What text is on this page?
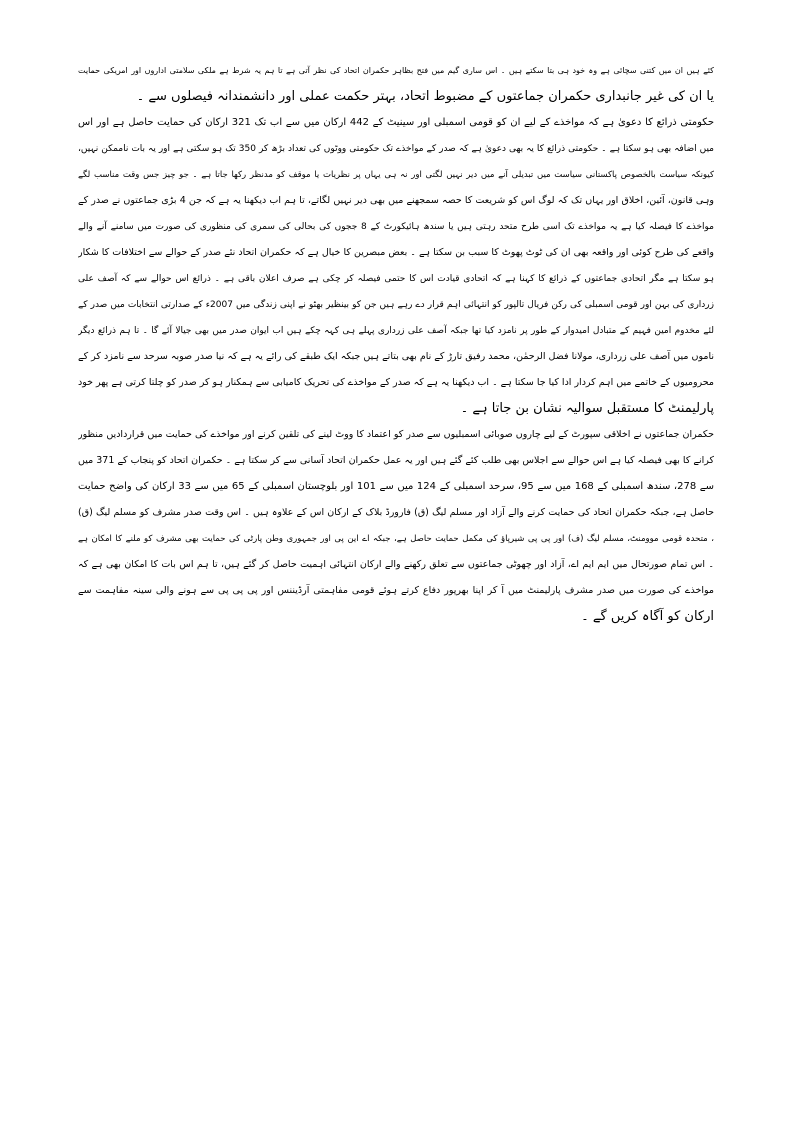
کئے ہیں ان میں کتنی سچائی ہے وہ خود ہی بتا سکتے ہیں ۔ اس ساری گیم میں فتح بظاہر حکمران اتحاد کی نظر آتی ہے تا ہم یہ شرط ہے ملکی سلامتی اداروں اور امریکی حمایت
یا ان کی غیر جانبداری حکمران جماعتوں کے مضبوط اتحاد، بہتر حکمت عملی اور دانشمندانہ فیصلوں سے ۔
حکومتی ذرائع کا دعویٰ ہے کہ مواخذے کے لیے ان کو قومی اسمبلی اور سینیٹ کے 442 ارکان میں سے اب تک 321 ارکان کی حمایت حاصل ہے اور اس
میں اضافہ بھی ہو سکتا ہے ۔ حکومتی ذرائع کا یہ بھی دعویٰ ہے کہ صدر کے مواخذے تک حکومتی ووٹوں کی تعداد بڑھ کر 350 تک ہو سکتی ہے اور یہ بات ناممکن نہیں،
کیونکہ سیاست بالخصوص پاکستانی سیاست میں تبدیلی آنے میں دیر نہیں لگتی اور نہ ہی یہاں پر نظریات یا موقف کو مدنظر رکھا جاتا ہے ۔ جو چیز جس وقت مناسب لگے
وہی قانون، آئین، اخلاق اور یہاں تک کہ لوگ اس کو شریعت کا حصہ سمجھنے میں بھی دیر نہیں لگاتے، تا ہم اب دیکھنا یہ ہے کہ جن 4 بڑی جماعتوں نے صدر کے
مواخذے کا فیصلہ کیا ہے یہ مواخذے تک اسی طرح متحد رہتی ہیں یا سندھ ہائیکورٹ کے 8 ججوں کی بحالی کی سمری کی منظوری کی صورت میں سامنے آنے والے
واقعے کی طرح کوئی اور واقعہ بھی ان کی ٹوٹ پھوٹ کا سبب بن سکتا ہے ۔ بعض مبصرین کا خیال ہے کہ حکمران اتحاد نئے صدر کے حوالے سے اختلافات کا شکار
ہو سکتا ہے مگر اتحادی جماعتوں کے ذرائع کا کہنا ہے کہ اتحادی قیادت اس کا حتمی فیصلہ کر چکی ہے صرف اعلان باقی ہے ۔ ذرائع اس حوالے سے کہ آصف علی
زرداری کی بہن اور قومی اسمبلی کی رکن فریال تالپور کو انتہائی اہم قرار دے رہے ہیں جن کو بینظیر بھٹو نے اپنی زندگی میں 2007ء کے صدارتی انتخابات میں صدر کے
لئے مخدوم امین فہیم کے متبادل امیدوار کے طور پر نامزد کیا تھا جبکہ آصف علی زرداری پہلے ہی کہہ چکے ہیں اب ایوان صدر میں بھی جیالا آئے گا ۔ تا ہم ذرائع دیگر
ناموں میں آصف علی زرداری، مولانا فضل الرحمٰن، محمد رفیق تارڑ کے نام بھی بتاتے ہیں جبکہ ایک طبقے کی رائے یہ ہے کہ نیا صدر صوبہ سرحد سے نامزد کر کے
محرومیوں کے خاتمے میں اہم کردار ادا کیا جا سکتا ہے ۔ اب دیکھنا یہ ہے کہ صدر کے مواخذے کی تحریک کامیابی سے ہمکنار ہو کر صدر کو چلتا کرتی ہے پھر خود
پارلیمنٹ کا مستقبل سوالیہ نشان بن جاتا ہے ۔
حکمران جماعتوں نے اخلاقی سپورٹ کے لیے چاروں صوبائی اسمبلیوں سے صدر کو اعتماد کا ووٹ لینے کی تلقین کرنے اور مواخذے کی حمایت میں قراردادیں منظور
کرانے کا بھی فیصلہ کیا ہے اس حوالے سے اجلاس بھی طلب کئے گئے ہیں اور یہ عمل حکمران اتحاد آسانی سے کر سکتا ہے ۔ حکمران اتحاد کو پنجاب کے 371 میں
سے 278، سندھ اسمبلی کے 168 میں سے 95، سرحد اسمبلی کے 124 میں سے 101 اور بلوچستان اسمبلی کے 65 میں سے 33 ارکان کی واضح حمایت
حاصل ہے، جبکہ حکمران اتحاد کی حمایت کرنے والے آزاد اور مسلم لیگ (ق) فارورڈ بلاک کے ارکان اس کے علاوہ ہیں ۔ اس وقت صدر مشرف کو مسلم لیگ (ق)
، متحدہ قومی موومنٹ، مسلم لیگ (ف) اور پی پی شیرپاؤ کی مکمل حمایت حاصل ہے، جبکہ اے این پی اور جمہوری وطن پارٹی کی حمایت بھی مشرف کو ملنے کا امکان ہے
۔ اس تمام صورتحال میں ایم ایم اے، آزاد اور چھوٹی جماعتوں سے تعلق رکھنے والے ارکان انتہائی اہمیت حاصل کر گئے ہیں، تا ہم اس بات کا امکان بھی ہے کہ
مواخذے کی صورت میں صدر مشرف پارلیمنٹ میں آ کر اپنا بھرپور دفاع کرتے ہوئے قومی مفاہمتی آرڈیننس اور پی پی پی سے ہونے والی سینہ مفاہمت سے
ارکان کو آگاہ کریں گے ۔
